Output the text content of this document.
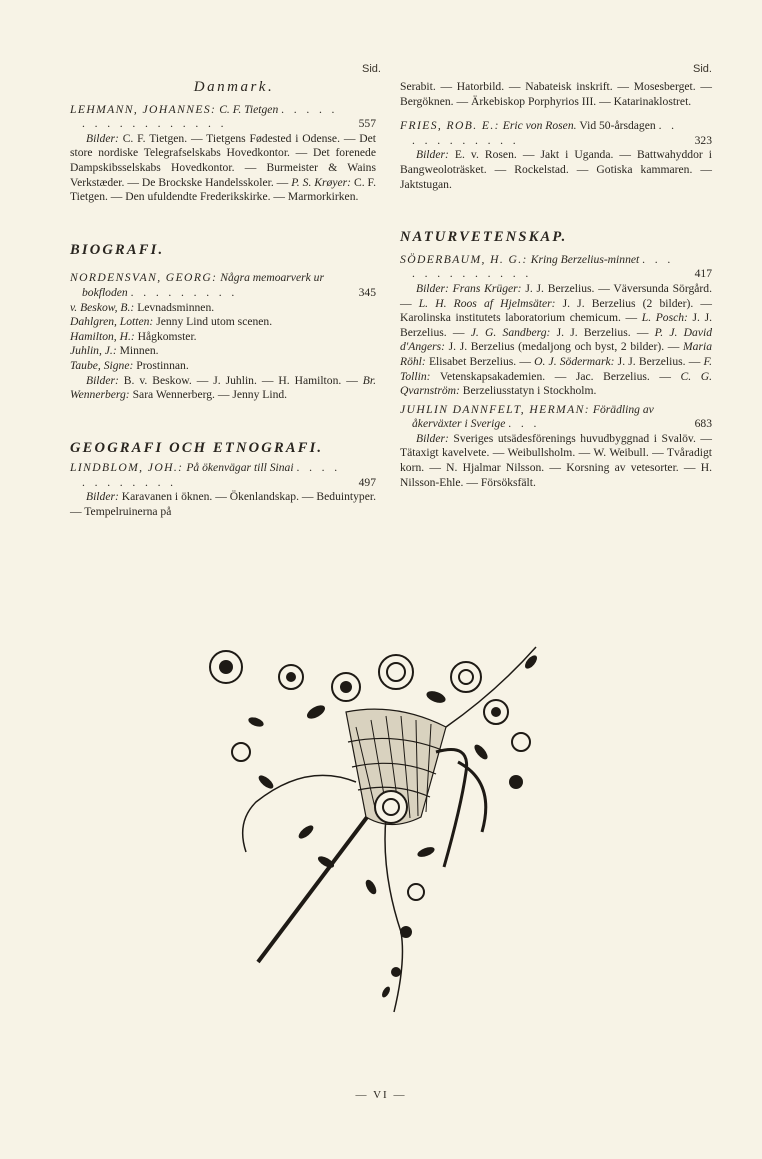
Sid.	Sid.
Danmark.
LEHMANN, JOHANNES: C. F. Tietgen . . . . . . . . . . . . . . . . .	557
Bilder: C. F. Tietgen. — Tietgens Fødested i Odense. — Det store nordiske Telegrafselskabs Hovedkontor. — Det forenede Dampskibsselskabs Hovedkontor. — Burmeister & Wains Verkstæder. — De Brockske Handelsskoler. — P. S. Krøyer: C. F. Tietgen. — Den ufuldendte Frederikskirke. — Marmorkirken.
BIOGRAFI.
NORDENSVAN, GEORG: Några memoarverk ur bokfloden . . . . . . . . .	345
v. Beskow, B.: Levnadsminnen.
Dahlgren, Lotten: Jenny Lind utom scenen.
Hamilton, H.: Hågkomster.
Juhlin, J.: Minnen.
Taube, Signe: Prostinnan.
Bilder: B. v. Beskow. — J. Juhlin. — H. Hamilton. — Br. Wennerberg: Sara Wennerberg. — Jenny Lind.
GEOGRAFI OCH ETNOGRAFI.
LINDBLOM, JOH.: På ökenvägar till Sinai . . . . . . . . . . . .	497
Bilder: Karavanen i öknen. — Ökenlandskap. — Beduintyper. — Tempelruinerna på
Serabit. — Hatorbild. — Nabateisk inskrift. — Mosesberget. — Bergöknen. — Ärkebiskop Porphyrios III. — Katarinaklostret.
FRIES, ROB. E.: Eric von Rosen. Vid 50-årsdagen . . . . . . . . . . .	323
Bilder: E. v. Rosen. — Jakt i Uganda. — Battwahyddor i Bangweoloträsket. — Rockelstad. — Gotiska kammaren. — Jaktstugan.
NATURVETENSKAP.
SÖDERBAUM, H. G.: Kring Berzelius-minnet . . . . . . . . . . . . .	417
Bilder: Frans Krüger: J. J. Berzelius. — Väversunda Sörgård. — L. H. Roos af Hjelmsäter: J. J. Berzelius (2 bilder). — Karolinska institutets laboratorium chemicum. — L. Posch: J. J. Berzelius. — J. G. Sandberg: J. J. Berzelius. — P. J. David d'Angers: J. J. Berzelius (medaljong och byst, 2 bilder). — Maria Röhl: Elisabet Berzelius. — O. J. Södermark: J. J. Berzelius. — F. Tollin: Vetenskapsakademien. — Jac. Berzelius. — C. G. Qvarnström: Berzeliusstatyn i Stockholm.
JUHLIN DANNFELT, HERMAN: Förädling av åkerväxter i Sverige . . .	683
Bilder: Sveriges utsädesförenings huvudbyggnad i Svalöv. — Tätaxigt kavelvete. — Weibullsholm. — W. Weibull. — Tvåradigt korn. — N. Hjalmar Nilsson. — Korsning av vetesorter. — H. Nilsson-Ehle. — Försöksfält.
— VI —
